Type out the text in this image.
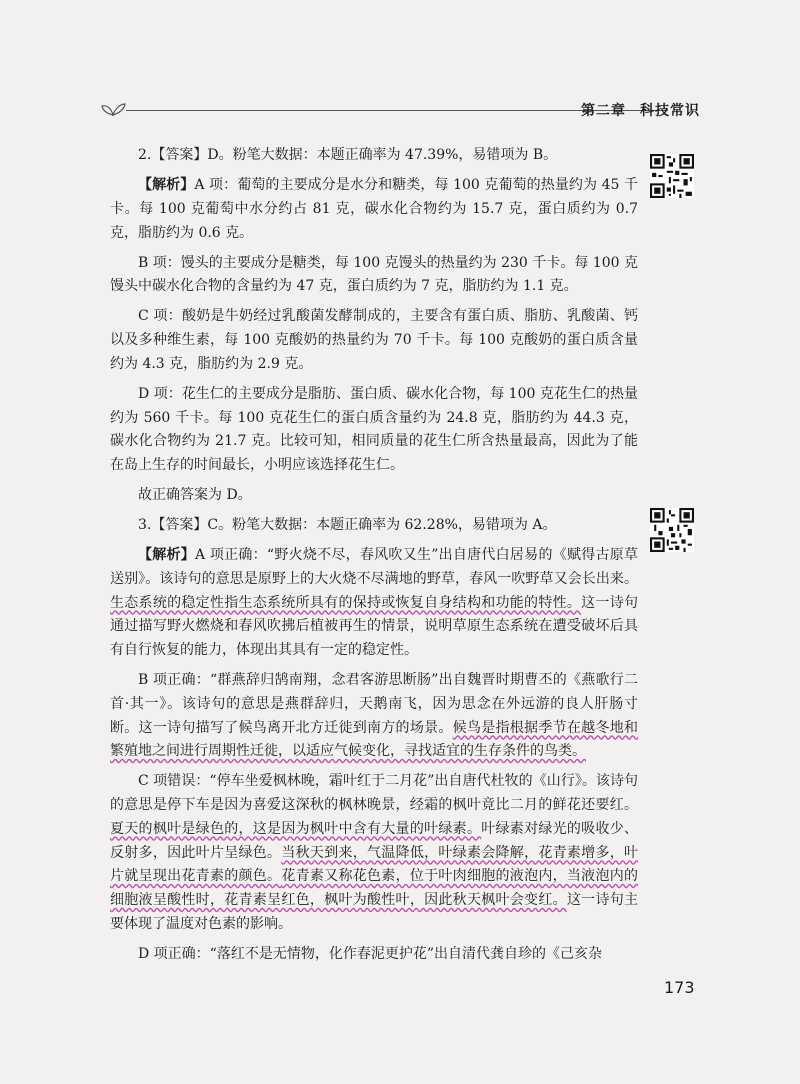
第二章 科技常识

2.【答案】D。粉笔大数据：本题正确率为 47.39%，易错项为 B。

【解析】A 项：葡萄的主要成分是水分和糖类，每 100 克葡萄的热量约为 45 千卡。每 100 克葡萄中水分约占 81 克，碳水化合物约为 15.7 克，蛋白质约为 0.7 克，脂肪约为 0.6 克。

B 项：馒头的主要成分是糖类，每 100 克馒头的热量约为 230 千卡。每 100 克馒头中碳水化合物的含量约为 47 克，蛋白质约为 7 克，脂肪约为 1.1 克。

C 项：酸奶是牛奶经过乳酸菌发酵制成的，主要含有蛋白质、脂肪、乳酸菌、钙以及多种维生素，每 100 克酸奶的热量约为 70 千卡。每 100 克酸奶的蛋白质含量约为 4.3 克，脂肪约为 2.9 克。

D 项：花生仁的主要成分是脂肪、蛋白质、碳水化合物，每 100 克花生仁的热量约为 560 千卡。每 100 克花生仁的蛋白质含量约为 24.8 克，脂肪约为 44.3 克，碳水化合物约为 21.7 克。比较可知，相同质量的花生仁所含热量最高，因此为了能在岛上生存的时间最长，小明应该选择花生仁。

故正确答案为 D。

3.【答案】C。粉笔大数据：本题正确率为 62.28%，易错项为 A。

【解析】A 项正确：“野火烧不尽，春风吹又生”出自唐代白居易的《赋得古原草送别》。该诗句的意思是原野上的大火烧不尽满地的野草，春风一吹野草又会长出来。生态系统的稳定性指生态系统所具有的保持或恢复自身结构和功能的特性。这一诗句通过描写野火燃烧和春风吹拂后植被再生的情景，说明草原生态系统在遭受破坏后具有自行恢复的能力，体现出其具有一定的稳定性。

B 项正确：“群燕辞归鹄南翔，念君客游思断肠”出自魏晋时期曹丕的《燕歌行二首·其一》。该诗句的意思是燕群辞归，天鹅南飞，因为思念在外远游的良人肝肠寸断。这一诗句描写了候鸟离开北方迁徙到南方的场景。候鸟是指根据季节在越冬地和繁殖地之间进行周期性迁徙，以适应气候变化，寻找适宜的生存条件的鸟类。

C 项错误：“停车坐爱枫林晚，霜叶红于二月花”出自唐代杜牧的《山行》。该诗句的意思是停下车是因为喜爱这深秋的枫林晚景，经霜的枫叶竟比二月的鲜花还要红。夏天的枫叶是绿色的，这是因为枫叶中含有大量的叶绿素。叶绿素对绿光的吸收少、反射多，因此叶片呈绿色。当秋天到来，气温降低，叶绿素会降解，花青素增多，叶片就呈现出花青素的颜色。花青素又称花色素，位于叶肉细胞的液泡内，当液泡内的细胞液呈酸性时，花青素呈红色，枫叶为酸性叶，因此秋天枫叶会变红。这一诗句主要体现了温度对色素的影响。

D 项正确：“落红不是无情物，化作春泥更护花”出自清代龚自珍的《己亥杂

173
